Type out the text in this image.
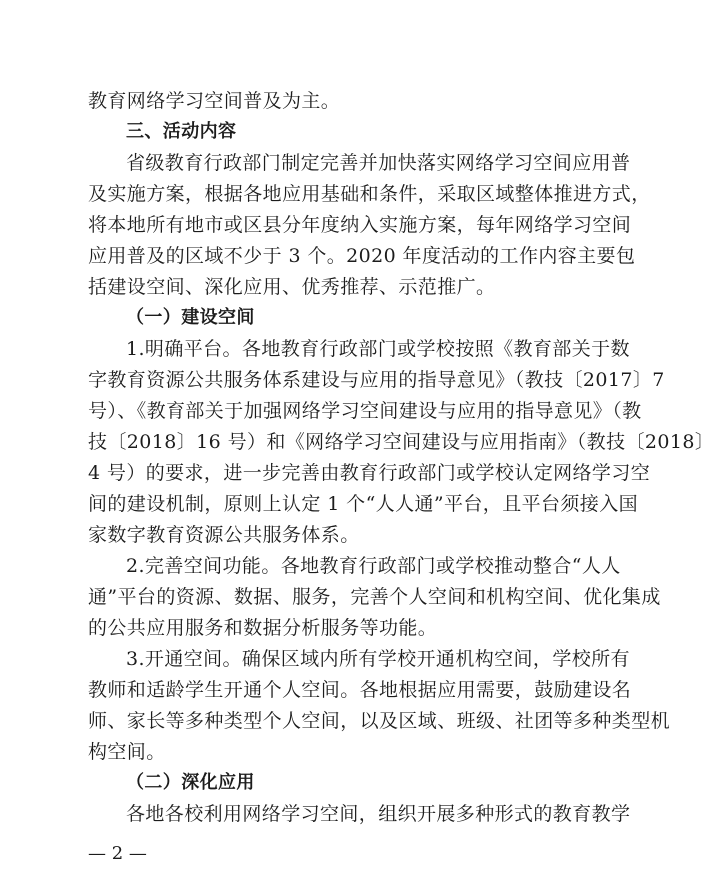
教育网络学习空间普及为主。
三、活动内容
省级教育行政部门制定完善并加快落实网络学习空间应用普
及实施方案，根据各地应用基础和条件，采取区域整体推进方式，
将本地所有地市或区县分年度纳入实施方案，每年网络学习空间
应用普及的区域不少于 3 个。2020 年度活动的工作内容主要包
括建设空间、深化应用、优秀推荐、示范推广。
（一）建设空间
1.明确平台。各地教育行政部门或学校按照《教育部关于数
字教育资源公共服务体系建设与应用的指导意见》（教技〔2017〕7
号）、《教育部关于加强网络学习空间建设与应用的指导意见》（教
技〔2018〕16 号）和《网络学习空间建设与应用指南》（教技〔2018〕
4 号）的要求，进一步完善由教育行政部门或学校认定网络学习空
间的建设机制，原则上认定 1 个“人人通”平台，且平台须接入国
家数字教育资源公共服务体系。
2.完善空间功能。各地教育行政部门或学校推动整合“人人
通”平台的资源、数据、服务，完善个人空间和机构空间、优化集成
的公共应用服务和数据分析服务等功能。
3.开通空间。确保区域内所有学校开通机构空间，学校所有
教师和适龄学生开通个人空间。各地根据应用需要，鼓励建设名
师、家长等多种类型个人空间，以及区域、班级、社团等多种类型机
构空间。
（二）深化应用
各地各校利用网络学习空间，组织开展多种形式的教育教学
— 2 —
